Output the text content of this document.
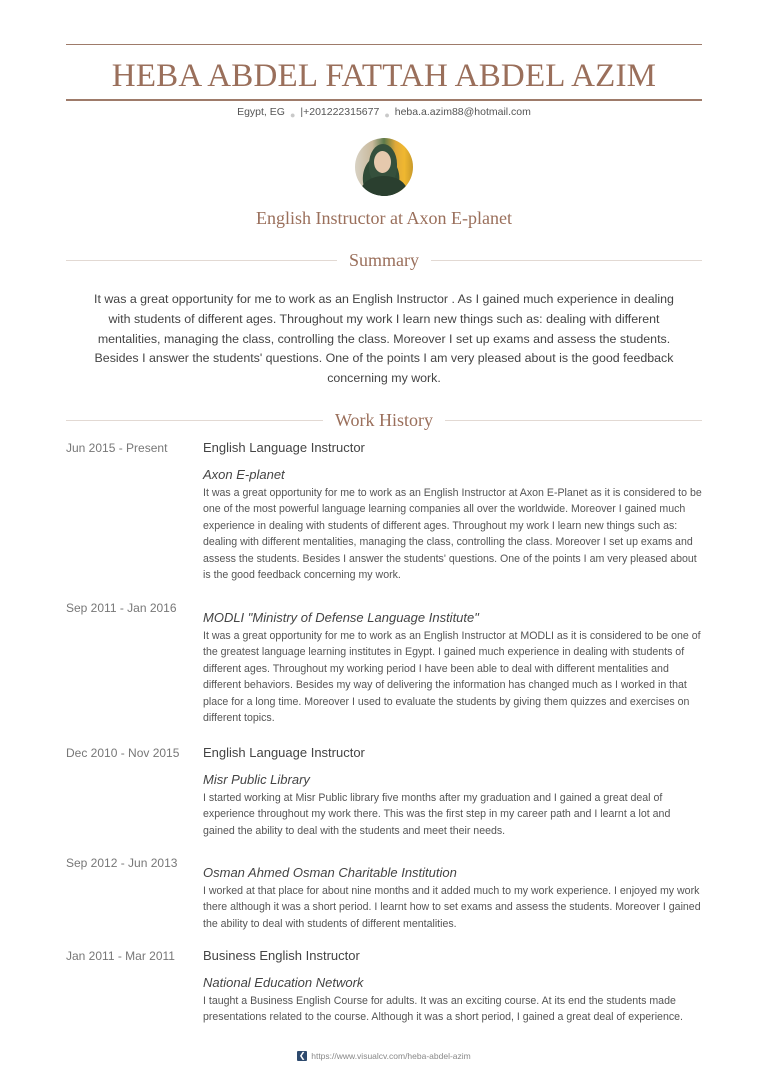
HEBA ABDEL FATTAH ABDEL AZIM
Egypt, EG ● |+201222315677 ● heba.a.azim88@hotmail.com
English Instructor at Axon E-planet
Summary
It was a great opportunity for me to work as an English Instructor . As I gained much experience in dealing with students of different ages. Throughout my work I learn new things such as: dealing with different mentalities, managing the class, controlling the class. Moreover I set up exams and assess the students. Besides I answer the students' questions. One of the points I am very pleased about is the good feedback concerning my work.
Work History
Jun 2015 - Present	English Language Instructor
Axon E-planet
It was a great opportunity for me to work as an English Instructor at Axon E-Planet as it is considered to be one of the most powerful language learning companies all over the worldwide. Moreover I gained much experience in dealing with students of different ages. Throughout my work I learn new things such as: dealing with different mentalities, managing the class, controlling the class. Moreover I set up exams and assess the students. Besides I answer the students' questions. One of the points I am very pleased about is the good feedback concerning my work.
Sep 2011 - Jan 2016
MODLI "Ministry of Defense Language Institute"
It was a great opportunity for me to work as an English Instructor at MODLI as it is considered to be one of the greatest language learning institutes in Egypt. I gained much experience in dealing with students of different ages. Throughout my working period I have been able to deal with different mentalities and different behaviors. Besides my way of delivering the information has changed much as I worked in that place for a long time. Moreover I used to evaluate the students by giving them quizzes and exercises on different topics.
Dec 2010 - Nov 2015 English Language Instructor
Misr Public Library
I started working at Misr Public library five months after my graduation and I gained a great deal of experience throughout my work there. This was the first step in my career path and I learnt a lot and gained the ability to deal with the students and meet their needs.
Sep 2012 - Jun 2013
Osman Ahmed Osman Charitable Institution
I worked at that place for about nine months and it added much to my work experience. I enjoyed my work there although it was a short period. I learnt how to set exams and assess the students. Moreover I gained the ability to deal with students of different mentalities.
Jan 2011 - Mar 2011 Business English Instructor
National Education Network
I taught a Business English Course for adults. It was an exciting course. At its end the students made presentations related to the course. Although it was a short period, I gained a great deal of experience.
❮ https://www.visualcv.com/heba-abdel-azim
